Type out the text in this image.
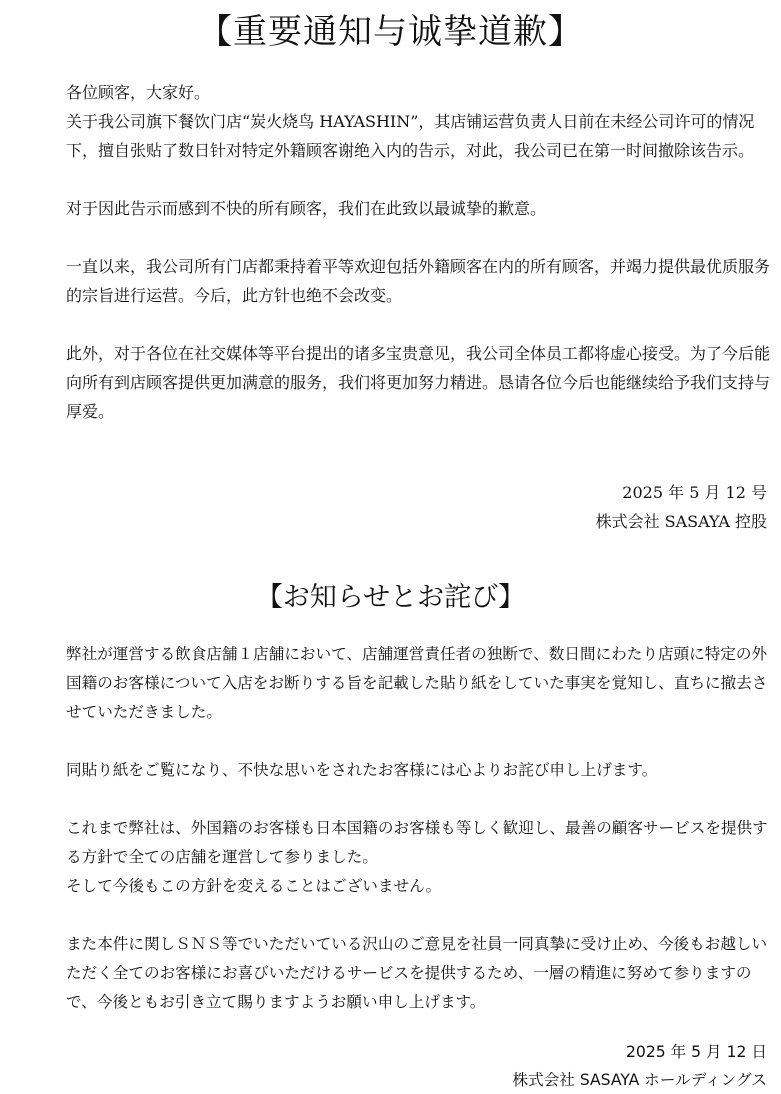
【重要通知与诚挚道歉】

各位顾客，大家好。

关于我公司旗下餐饮门店“炭火烧鸟 HAYASHIN”，其店铺运营负责人日前在未经公司许可的情况下，擅自张贴了数日针对特定外籍顾客谢绝入内的告示，对此，我公司已在第一时间撤除该告示。

对于因此告示而感到不快的所有顾客，我们在此致以最诚挚的歉意。

一直以来，我公司所有门店都秉持着平等欢迎包括外籍顾客在内的所有顾客，并竭力提供最优质服务的宗旨进行运营。今后，此方针也绝不会改变。

此外，对于各位在社交媒体等平台提出的诸多宝贵意见，我公司全体员工都将虚心接受。为了今后能向所有到店顾客提供更加满意的服务，我们将更加努力精进。恳请各位今后也能继续给予我们支持与厚爱。

2025 年 5 月 12 号
株式会社 SASAYA 控股
【お知らせとお詫び】

弊社が運営する飲食店舗１店舗において、店舗運営責任者の独断で、数日間にわたり店頭に特定の外国籍のお客様について入店をお断りする旨を記載した貼り紙をしていた事実を覚知し、直ちに撤去させていただきました。

同貼り紙をご覧になり、不快な思いをされたお客様には心よりお詫び申し上げます。

これまで弊社は、外国籍のお客様も日本国籍のお客様も等しく歓迎し、最善の顧客サービスを提供する方針で全ての店舗を運営して参りました。

そして今後もこの方針を変えることはございません。

また本件に関しＳＮＳ等でいただいている沢山のご意見を社員一同真摯に受け止め、今後もお越しいただく全てのお客様にお喜びいただけるサービスを提供するため、一層の精進に努めて参りますので、今後ともお引き立て賜りますようお願い申し上げます。

2025 年 5 月 12 日
株式会社 SASAYA ホールディングス
